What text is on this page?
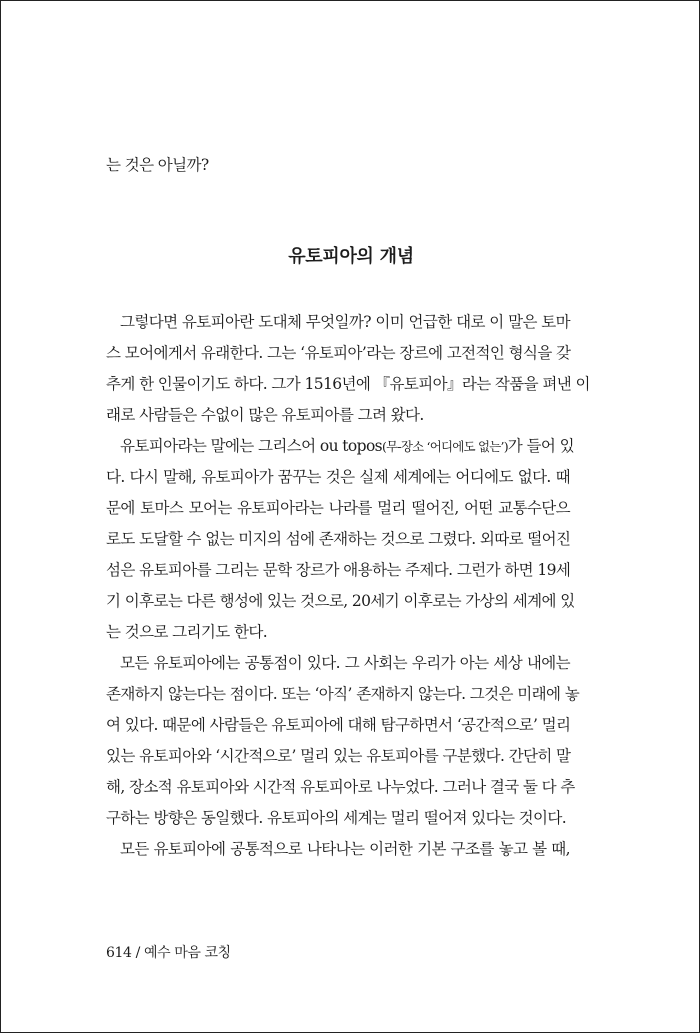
는 것은 아닐까?
유토피아의 개념
그렇다면 유토피아란 도대체 무엇일까? 이미 언급한 대로 이 말은 토마
스 모어에게서 유래한다. 그는 ‘유토피아’라는 장르에 고전적인 형식을 갖
추게 한 인물이기도 하다. 그가 1516년에 『유토피아』라는 작품을 펴낸 이
래로 사람들은 수없이 많은 유토피아를 그려 왔다.
유토피아라는 말에는 그리스어 ou topos(무-장소 ‘어디에도 없는’)가 들어 있
다. 다시 말해, 유토피아가 꿈꾸는 것은 실제 세계에는 어디에도 없다. 때
문에 토마스 모어는 유토피아라는 나라를 멀리 떨어진, 어떤 교통수단으
로도 도달할 수 없는 미지의 섬에 존재하는 것으로 그렸다. 외따로 떨어진
섬은 유토피아를 그리는 문학 장르가 애용하는 주제다. 그런가 하면 19세
기 이후로는 다른 행성에 있는 것으로, 20세기 이후로는 가상의 세계에 있
는 것으로 그리기도 한다.
모든 유토피아에는 공통점이 있다. 그 사회는 우리가 아는 세상 내에는
존재하지 않는다는 점이다. 또는 ‘아직’ 존재하지 않는다. 그것은 미래에 놓
여 있다. 때문에 사람들은 유토피아에 대해 탐구하면서 ‘공간적으로’ 멀리
있는 유토피아와 ‘시간적으로’ 멀리 있는 유토피아를 구분했다. 간단히 말
해, 장소적 유토피아와 시간적 유토피아로 나누었다. 그러나 결국 둘 다 추
구하는 방향은 동일했다. 유토피아의 세계는 멀리 떨어져 있다는 것이다.
모든 유토피아에 공통적으로 나타나는 이러한 기본 구조를 놓고 볼 때,
614 / 예수 마음 코칭
